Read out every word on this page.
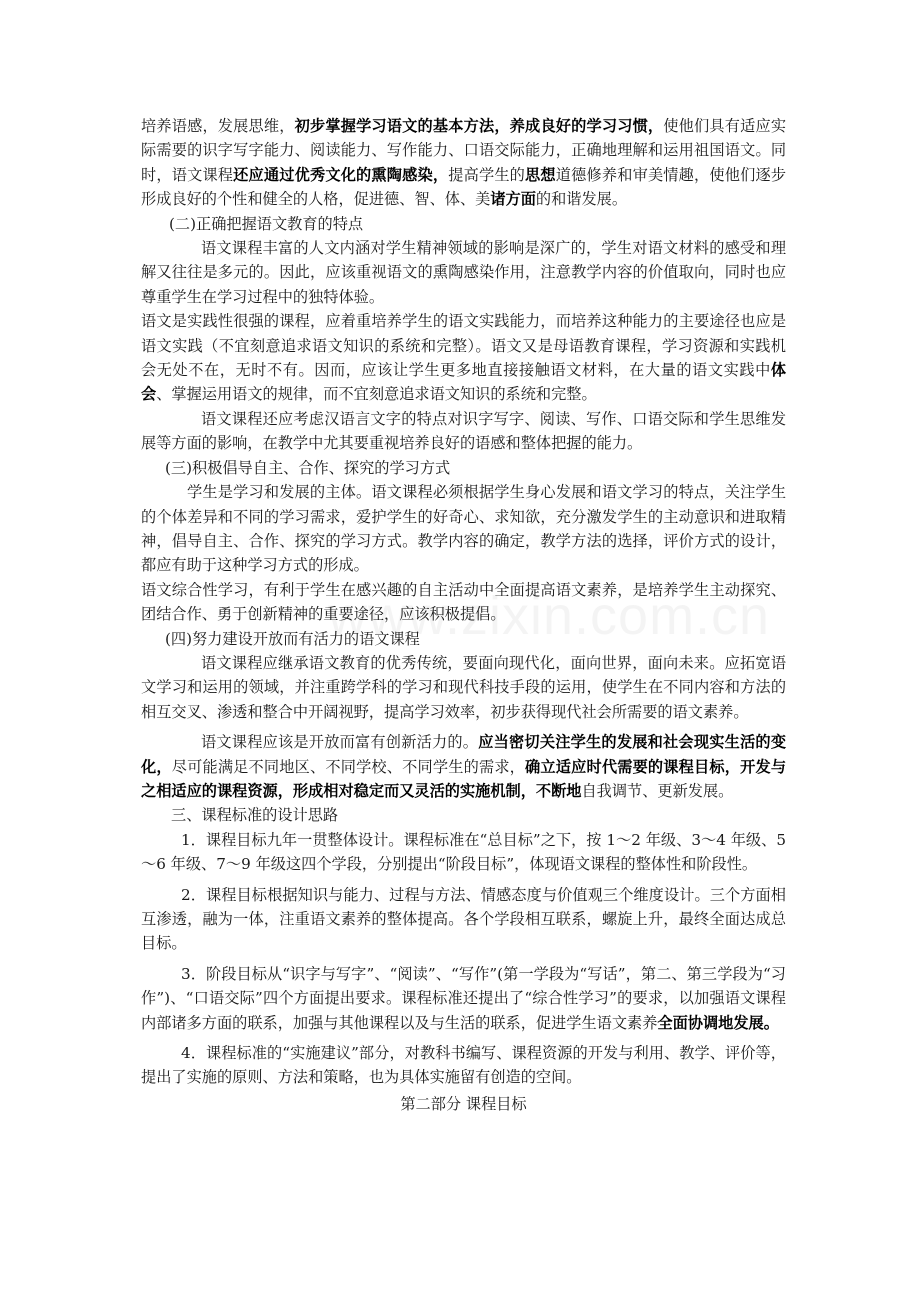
培养语感，发展思维，初步掌握学习语文的基本方法，养成良好的学习习惯，使他们具有适应实际需要的识字写字能力、阅读能力、写作能力、口语交际能力，正确地理解和运用祖国语文。同时，语文课程还应通过优秀文化的熏陶感染，提高学生的思想道德修养和审美情趣，使他们逐步形成良好的个性和健全的人格，促进德、智、体、美诸方面的和谐发展。

(二)正确把握语文教育的特点

语文课程丰富的人文内涵对学生精神领域的影响是深广的，学生对语文材料的感受和理解又往往是多元的。因此，应该重视语文的熏陶感染作用，注意教学内容的价值取向，同时也应尊重学生在学习过程中的独特体验。

语文是实践性很强的课程，应着重培养学生的语文实践能力，而培养这种能力的主要途径也应是语文实践（不宜刻意追求语文知识的系统和完整）。语文又是母语教育课程，学习资源和实践机会无处不在，无时不有。因而，应该让学生更多地直接接触语文材料，在大量的语文实践中体会、掌握运用语文的规律，而不宜刻意追求语文知识的系统和完整。

语文课程还应考虑汉语言文字的特点对识字写字、阅读、写作、口语交际和学生思维发展等方面的影响，在教学中尤其要重视培养良好的语感和整体把握的能力。

(三)积极倡导自主、合作、探究的学习方式

学生是学习和发展的主体。语文课程必须根据学生身心发展和语文学习的特点，关注学生的个体差异和不同的学习需求，爱护学生的好奇心、求知欲，充分激发学生的主动意识和进取精神，倡导自主、合作、探究的学习方式。教学内容的确定，教学方法的选择，评价方式的设计，都应有助于这种学习方式的形成。

语文综合性学习，有利于学生在感兴趣的自主活动中全面提高语文素养，是培养学生主动探究、团结合作、勇于创新精神的重要途径，应该积极提倡。

(四)努力建设开放而有活力的语文课程

语文课程应继承语文教育的优秀传统，要面向现代化，面向世界，面向未来。应拓宽语文学习和运用的领域，并注重跨学科的学习和现代科技手段的运用，使学生在不同内容和方法的相互交叉、渗透和整合中开阔视野，提高学习效率，初步获得现代社会所需要的语文素养。

语文课程应该是开放而富有创新活力的。应当密切关注学生的发展和社会现实生活的变化，尽可能满足不同地区、不同学校、不同学生的需求，确立适应时代需要的课程目标，开发与之相适应的课程资源，形成相对稳定而又灵活的实施机制，不断地自我调节、更新发展。

三、课程标准的设计思路

1．课程目标九年一贯整体设计。课程标准在“总目标”之下，按 1～2 年级、3～4 年级、5～6 年级、7～9 年级这四个学段，分别提出“阶段目标”，体现语文课程的整体性和阶段性。

2．课程目标根据知识与能力、过程与方法、情感态度与价值观三个维度设计。三个方面相互渗透，融为一体，注重语文素养的整体提高。各个学段相互联系，螺旋上升，最终全面达成总目标。

3．阶段目标从“识字与写字”、“阅读”、“写作”(第一学段为“写话”，第二、第三学段为“习作”)、“口语交际”四个方面提出要求。课程标准还提出了“综合性学习”的要求，以加强语文课程内部诸多方面的联系，加强与其他课程以及与生活的联系，促进学生语文素养全面协调地发展。

4．课程标准的“实施建议”部分，对教科书编写、课程资源的开发与利用、教学、评价等，提出了实施的原则、方法和策略，也为具体实施留有创造的空间。

第二部分 课程目标
